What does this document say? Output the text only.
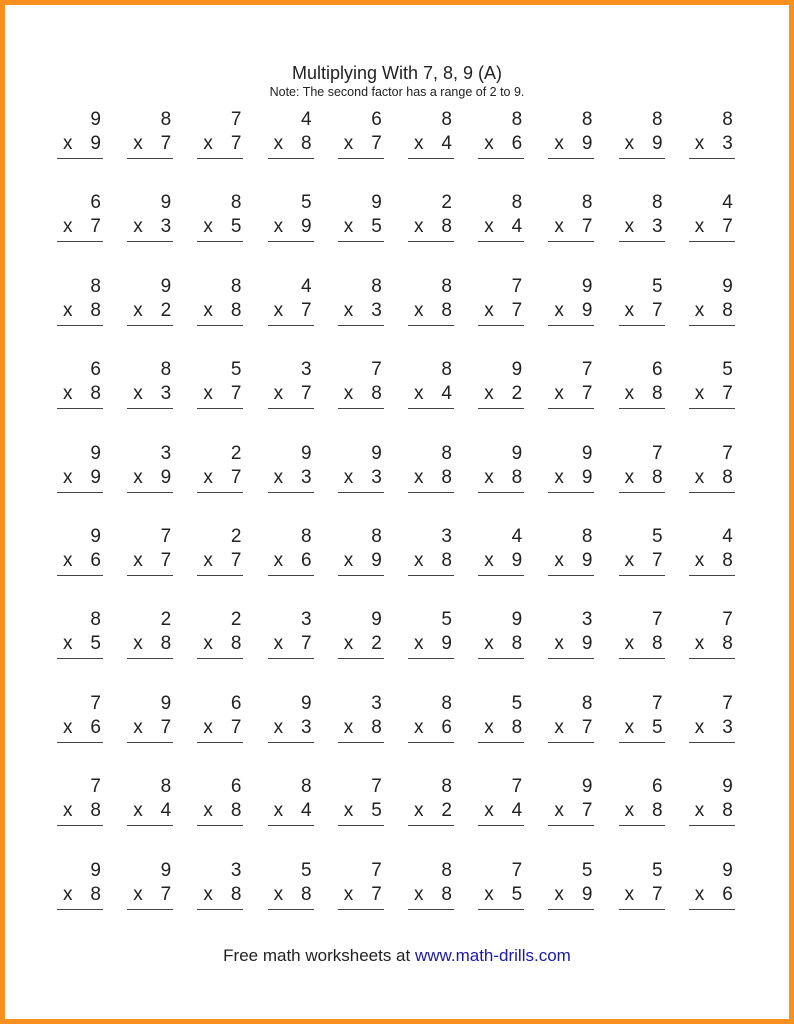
Multiplying With 7, 8, 9 (A)
Note: The second factor has a range of 2 to 9.
9
x 9
8
x 7
7
x 7
4
x 8
6
x 7
8
x 4
8
x 6
8
x 9
8
x 9
8
x 3
6
x 7
9
x 3
8
x 5
5
x 9
9
x 5
2
x 8
8
x 4
8
x 7
8
x 3
4
x 7
8
x 8
9
x 2
8
x 8
4
x 7
8
x 3
8
x 8
7
x 7
9
x 9
5
x 7
9
x 8
6
x 8
8
x 3
5
x 7
3
x 7
7
x 8
8
x 4
9
x 2
7
x 7
6
x 8
5
x 7
9
x 9
3
x 9
2
x 7
9
x 3
9
x 3
8
x 8
9
x 8
9
x 9
7
x 8
7
x 8
9
x 6
7
x 7
2
x 7
8
x 6
8
x 9
3
x 8
4
x 9
8
x 9
5
x 7
4
x 8
8
x 5
2
x 8
2
x 8
3
x 7
9
x 2
5
x 9
9
x 8
3
x 9
7
x 8
7
x 8
7
x 6
9
x 7
6
x 7
9
x 3
3
x 8
8
x 6
5
x 8
8
x 7
7
x 5
7
x 3
7
x 8
8
x 4
6
x 8
8
x 4
7
x 5
8
x 2
7
x 4
9
x 7
6
x 8
9
x 8
9
x 8
9
x 7
3
x 8
5
x 8
7
x 7
8
x 8
7
x 5
5
x 9
5
x 7
9
x 6
Free math worksheets at www.math-drills.com
